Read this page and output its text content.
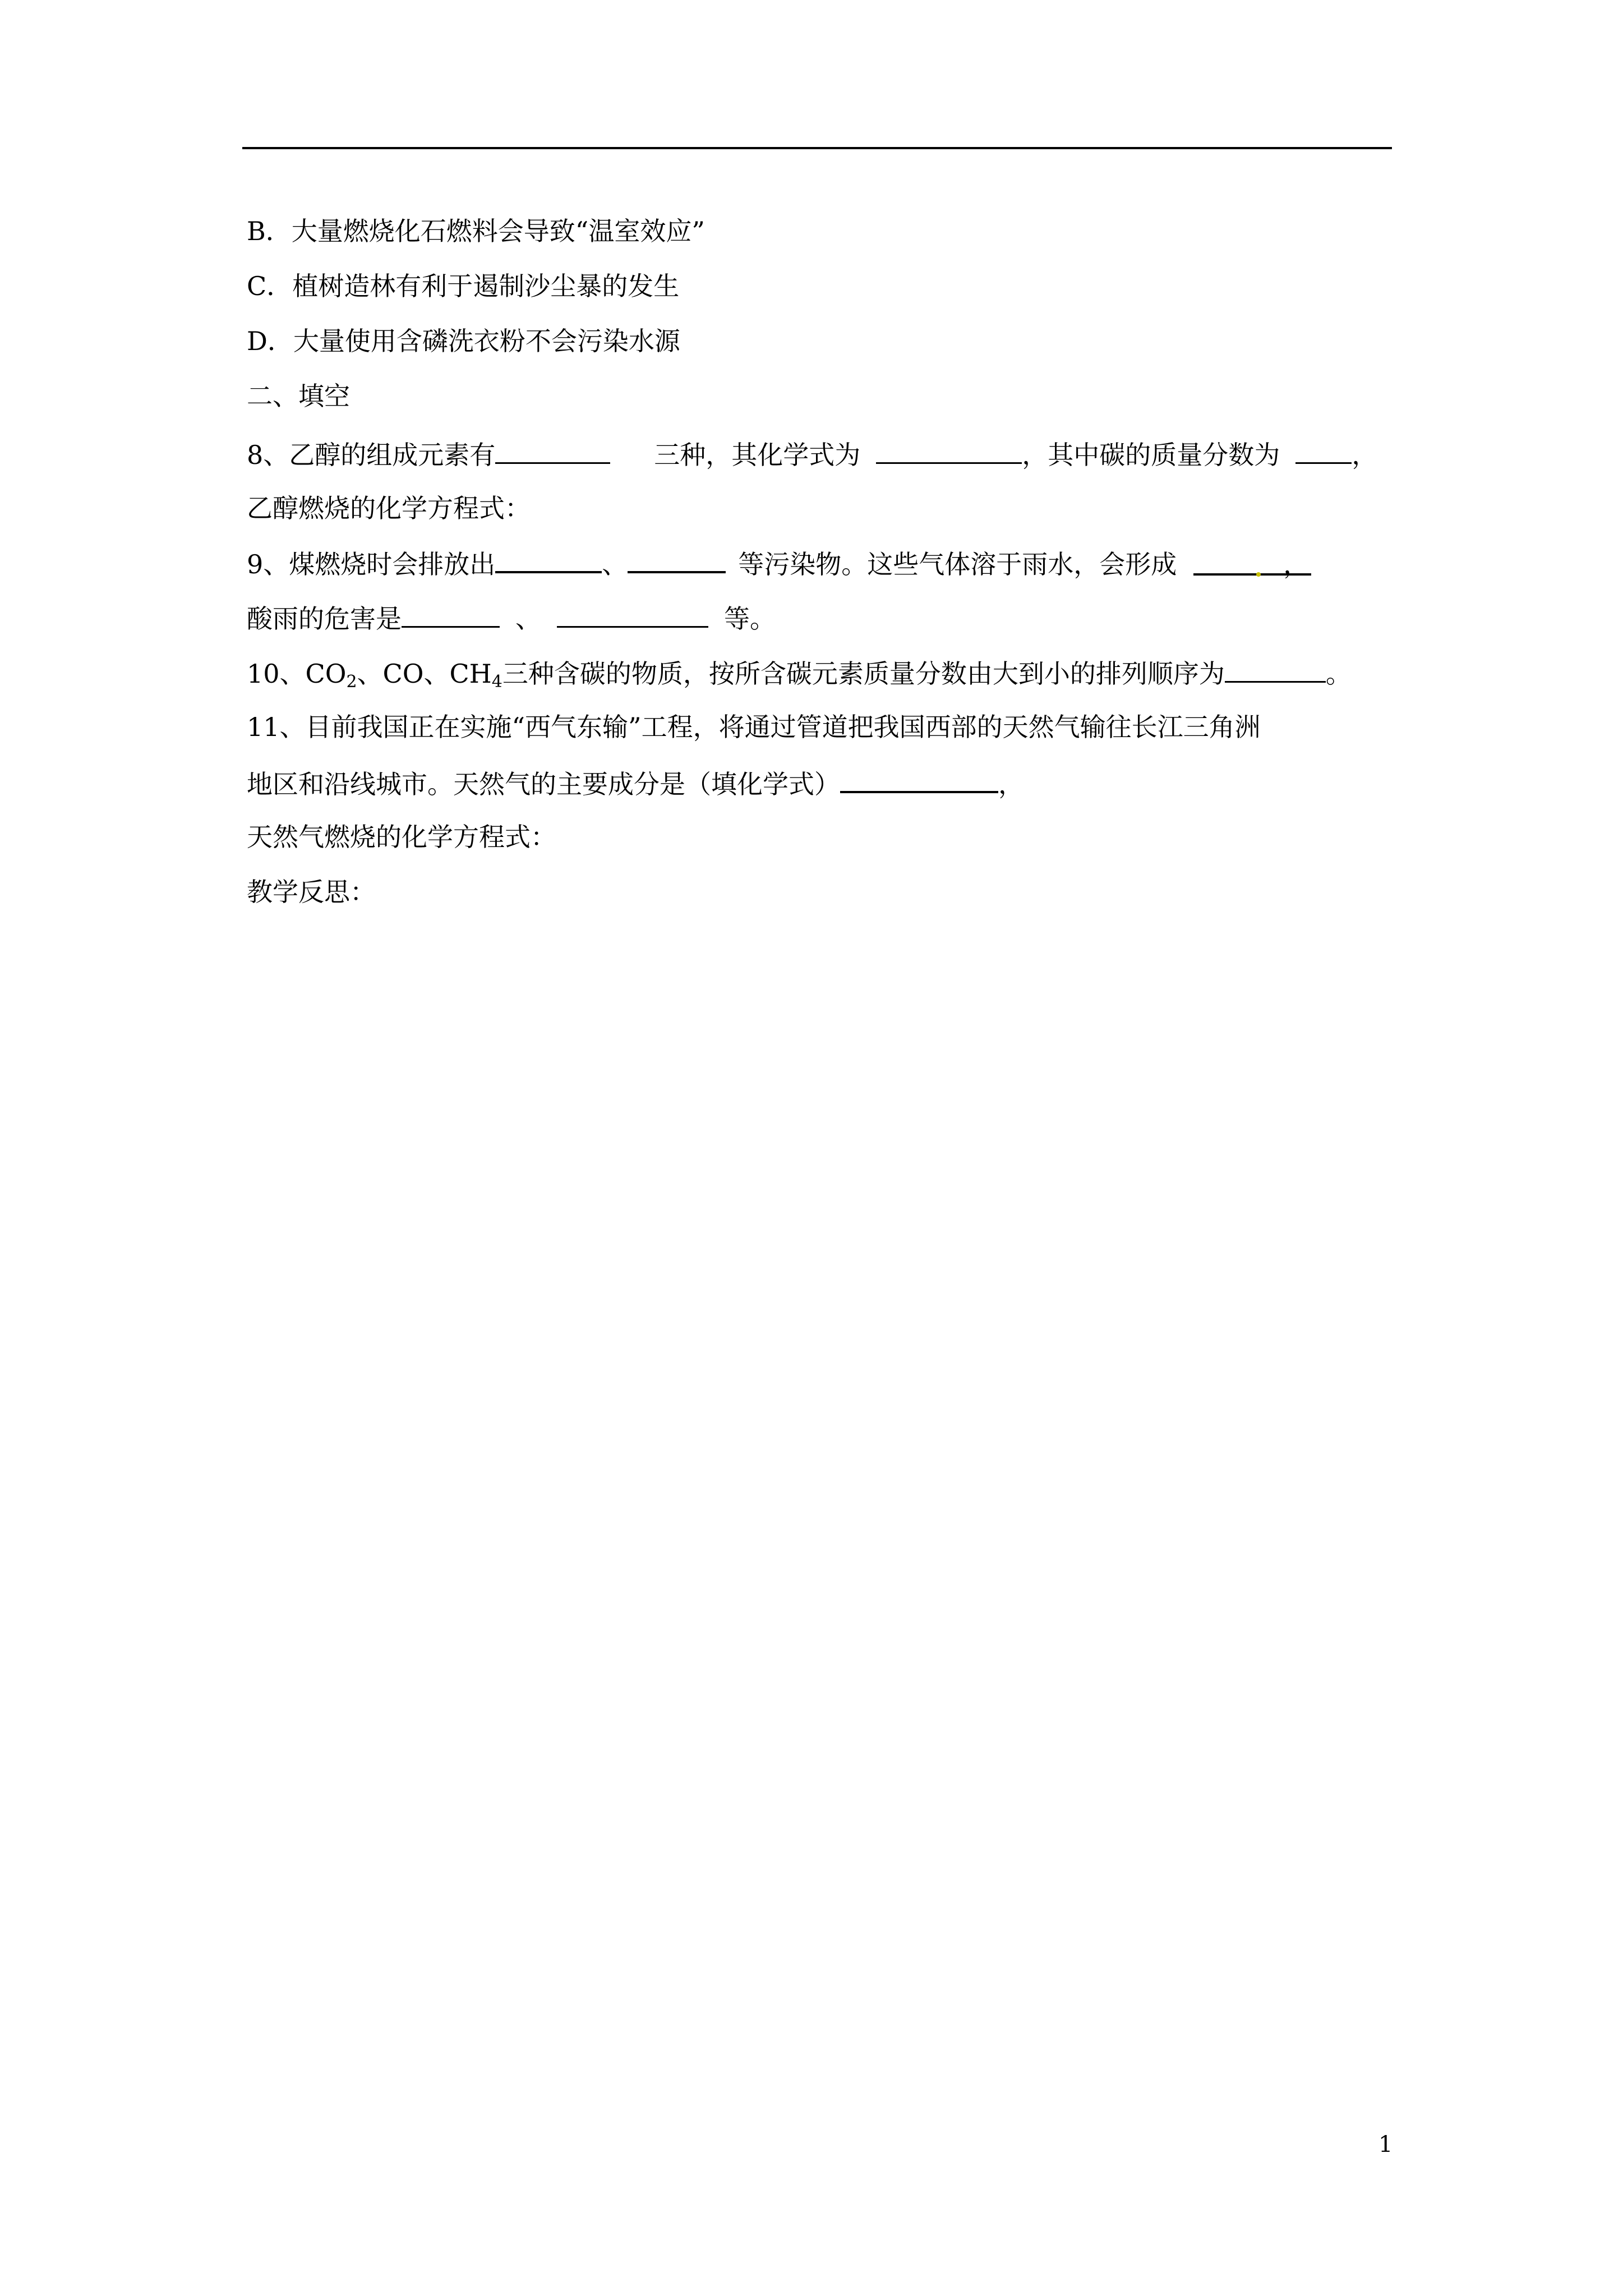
B．大量燃烧化石燃料会导致“温室效应”
C．植树造林有利于遏制沙尘暴的发生
D．大量使用含磷洗衣粉不会污染水源
二、填空
8、乙醇的组成元素有	三种，其化学式为	，其中碳的质量分数为	，
乙醇燃烧的化学方程式：
9、煤燃烧时会排放出	、	等污染物。这些气体溶于雨水，会形成	，
酸雨的危害是	、	等。
10、$CO_2$、CO、$CH_4$三种含碳的物质，按所含碳元素质量分数由大到小的排列顺序为	。
11、目前我国正在实施“西气东输”工程，将通过管道把我国西部的天然气输往长江三角洲
地区和沿线城市。天然气的主要成分是（填化学式）	，
天然气燃烧的化学方程式：
教学反思：
1
